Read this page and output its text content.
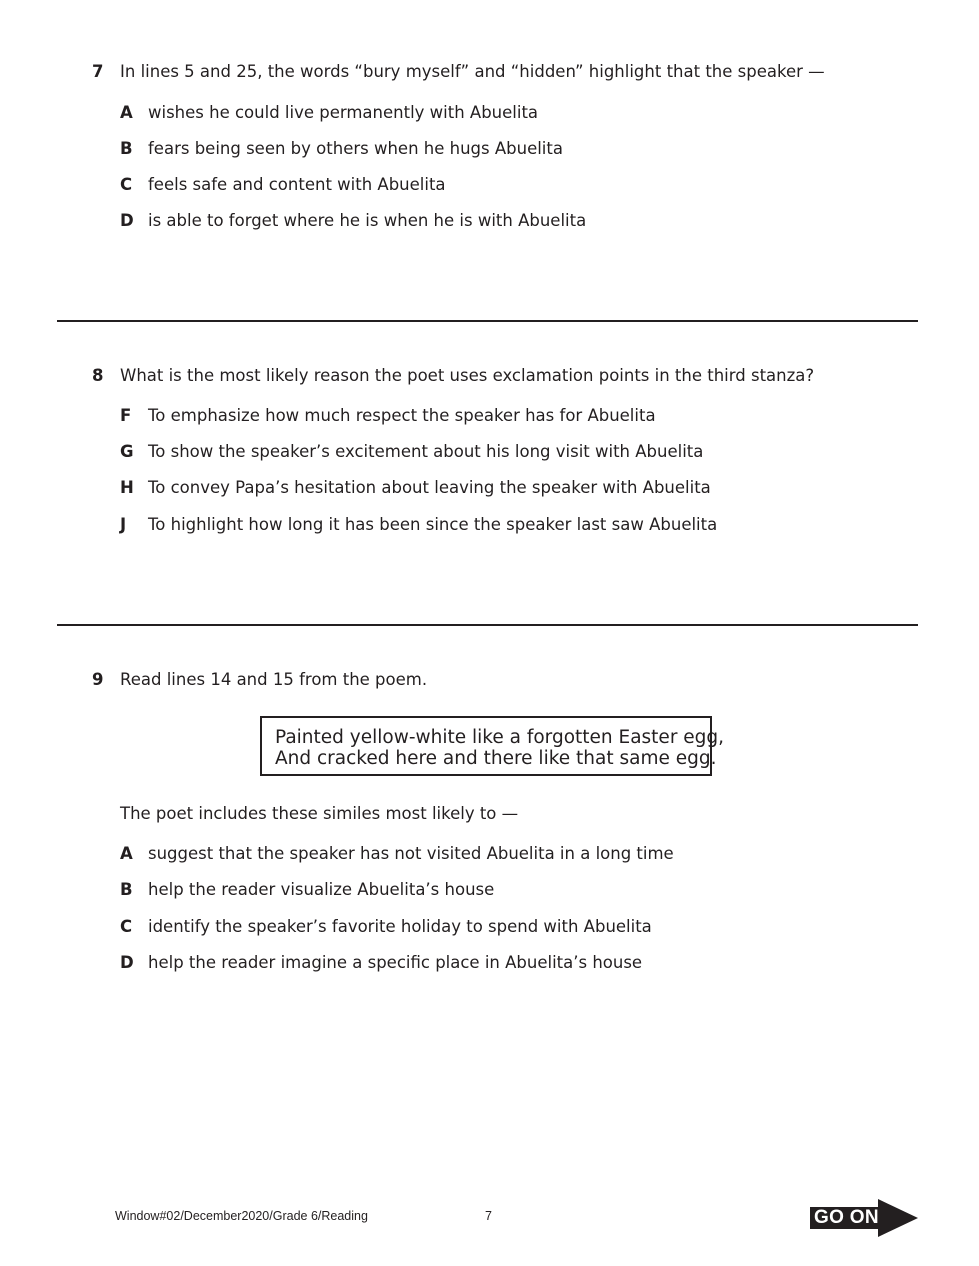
7 In lines 5 and 25, the words “bury myself” and “hidden” highlight that the speaker —
A wishes he could live permanently with Abuelita
B fears being seen by others when he hugs Abuelita
C feels safe and content with Abuelita
D is able to forget where he is when he is with Abuelita
8 What is the most likely reason the poet uses exclamation points in the third stanza?
F To emphasize how much respect the speaker has for Abuelita
G To show the speaker’s excitement about his long visit with Abuelita
H To convey Papa’s hesitation about leaving the speaker with Abuelita
J To highlight how long it has been since the speaker last saw Abuelita
9 Read lines 14 and 15 from the poem.
Painted yellow-white like a forgotten Easter egg,
And cracked here and there like that same egg.
The poet includes these similes most likely to —
A suggest that the speaker has not visited Abuelita in a long time
B help the reader visualize Abuelita’s house
C identify the speaker’s favorite holiday to spend with Abuelita
D help the reader imagine a specific place in Abuelita’s house
Window#02/December2020/Grade 6/Reading	7	GO ON
